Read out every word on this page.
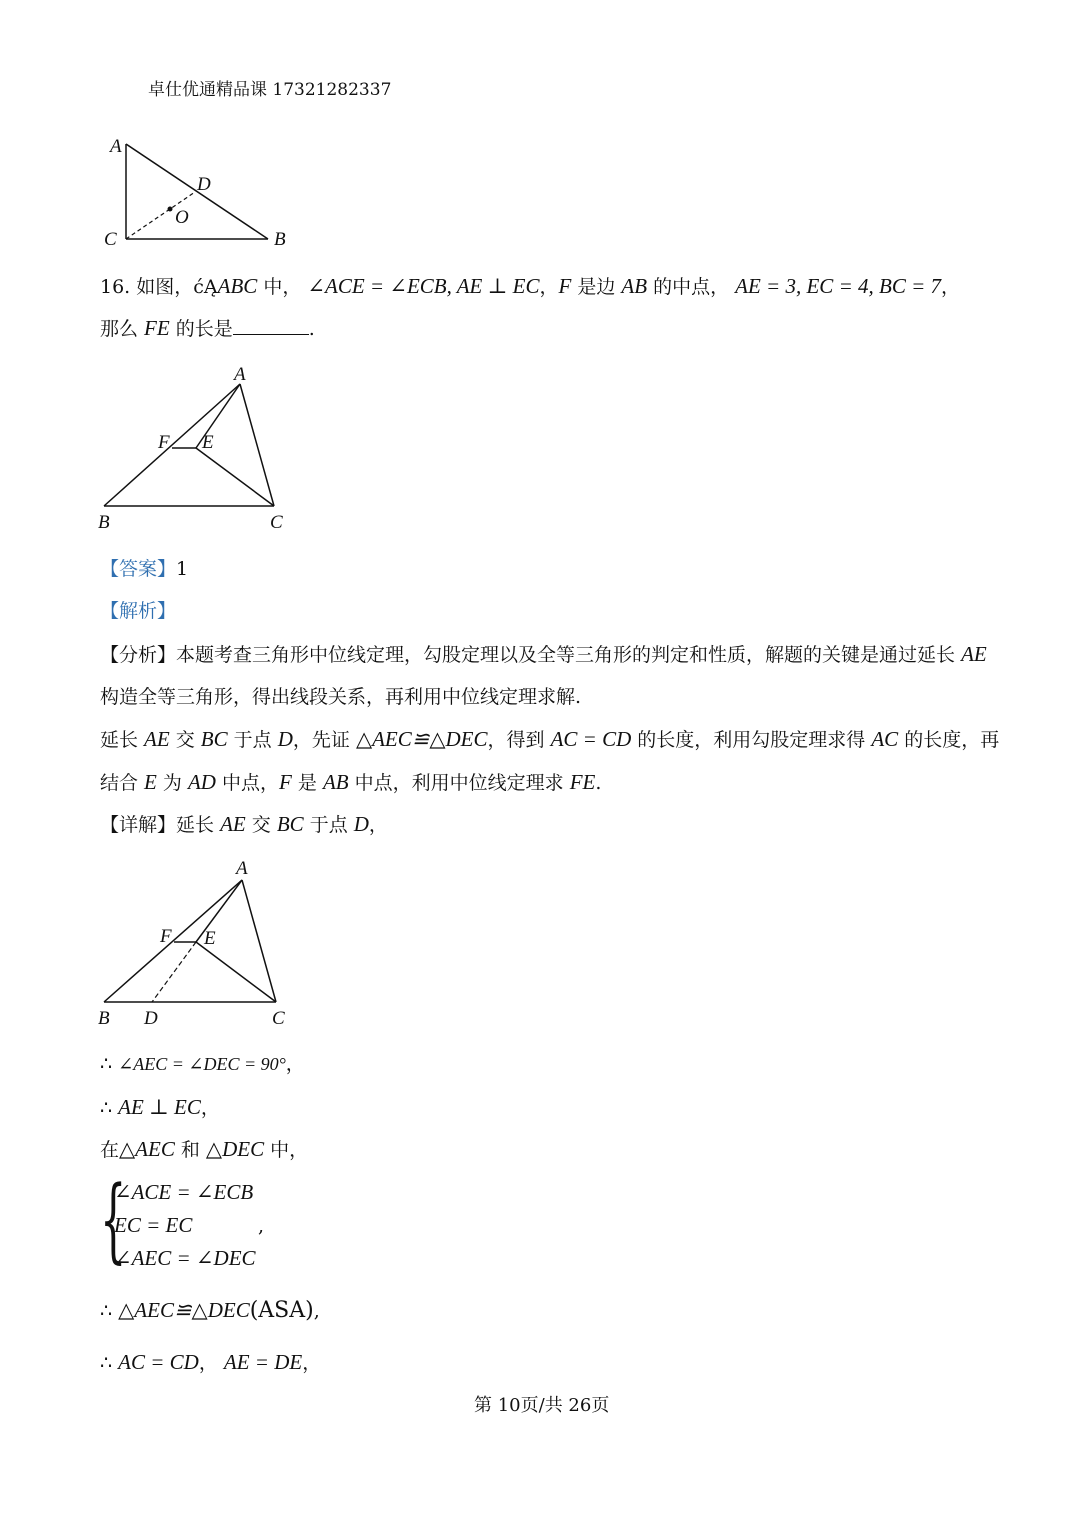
卓仕优通精品课 17321282337
A
D
O
C	B
16. 如图，ćĄABC 中， ∠ACE = ∠ECB, AE ⊥ EC，F 是边 AB 的中点， AE = 3, EC = 4, BC = 7，
那么 FE 的长是	.
A
F E
B	C
【答案】1
【解析】
【分析】本题考查三角形中位线定理，勾股定理以及全等三角形的判定和性质，解题的关键是通过延长 AE
构造全等三角形，得出线段关系，再利用中位线定理求解.
延长 AE 交 BC 于点 D，先证 △AEC≌△DEC，得到 AC = CD 的长度，利用勾股定理求得 AC 的长度，再
结合 E 为 AD 中点，F 是 AB 中点，利用中位线定理求 FE.
【详解】延长 AE 交 BC 于点 D，
A
F E
B D	C
∴ ∠AEC = ∠DEC = 90°，
∴ AE ⊥ EC，
在△AEC 和 △DEC 中，
{
∠ACE = ∠ECB
EC = EC
∠AEC = ∠DEC
,
∴ △AEC≌△DEC(ASA),
∴ AC = CD， AE = DE，
第 10页/共 26页
